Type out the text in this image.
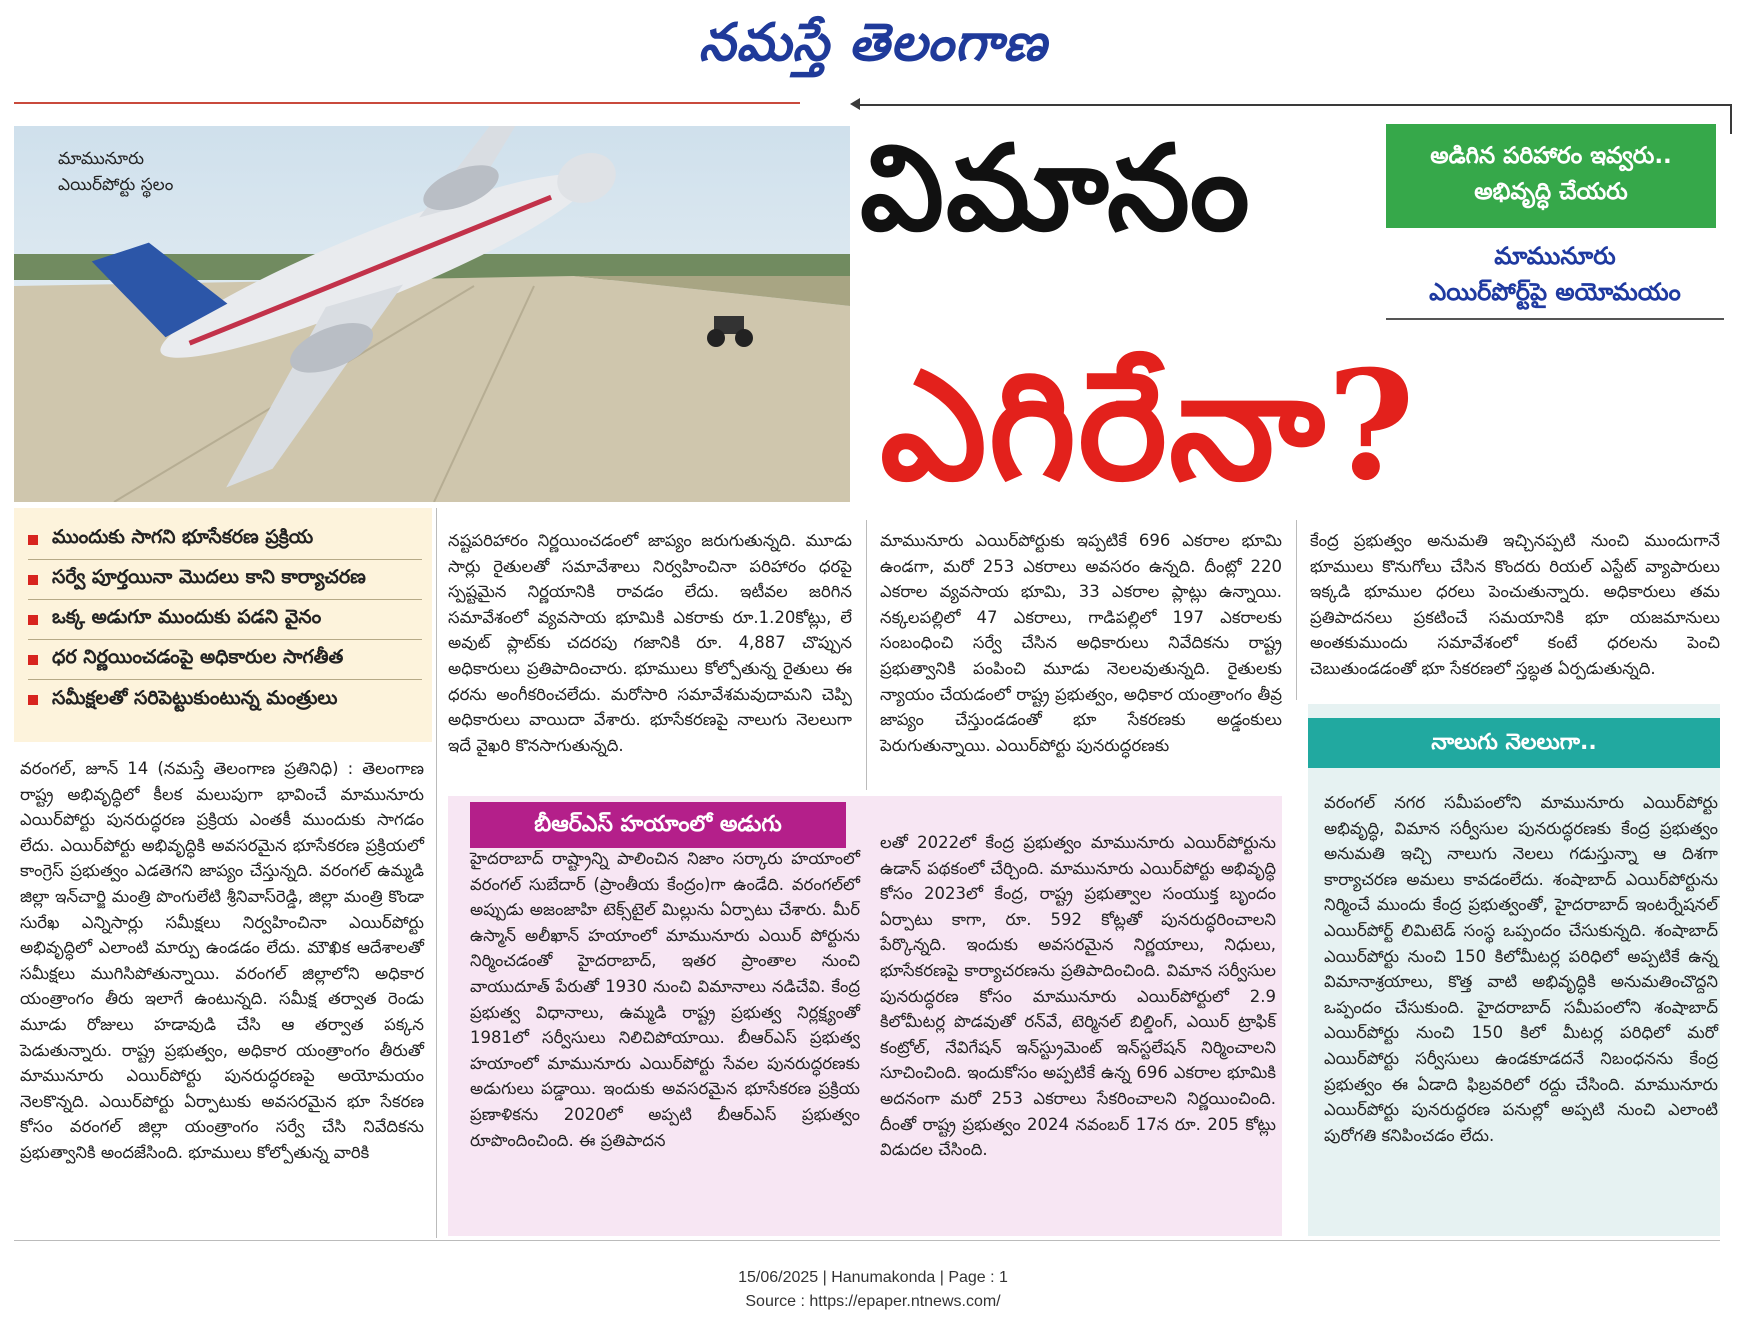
నమస్తే తెలంగాణ
మామునూరు
ఎయిర్‌పోర్టు స్థలం	విమానం
ఎగిరేనా?
అడిగిన పరిహారం ఇవ్వరు..
అభివృద్ధి చేయరు
మామునూరు
ఎయిర్‌పోర్ట్‌పై అయోమయం
ముందుకు సాగని భూసేకరణ ప్రక్రియ
సర్వే పూర్తయినా మొదలు కాని కార్యాచరణ
ఒక్క అడుగూ ముందుకు పడని వైనం
ధర నిర్ణయించడంపై అధికారుల సాగతీత
సమీక్షలతో సరిపెట్టుకుంటున్న మంత్రులు

వరంగల్, జూన్ 14 (నమస్తే తెలంగాణ ప్రతినిధి) : తెలంగాణ రాష్ట్ర అభివృద్ధిలో కీలక మలుపుగా భావించే మామునూరు ఎయిర్‌పోర్టు పునరుద్ధరణ ప్రక్రియ ఎంతకీ ముందుకు సాగడం లేదు. ఎయిర్‌పోర్టు అభివృద్ధికి అవసరమైన భూసేకరణ ప్రక్రియలో కాంగ్రెస్ ప్రభుత్వం ఎడతెగని జాప్యం చేస్తున్నది. వరంగల్ ఉమ్మడి జిల్లా ఇన్‌చార్జి మంత్రి పొంగులేటి శ్రీనివాస్‌రెడ్డి, జిల్లా మంత్రి కొండా సురేఖ ఎన్నిసార్లు సమీక్షలు నిర్వహించినా ఎయిర్‌పోర్టు అభివృద్ధిలో ఎలాంటి మార్పు ఉండడం లేదు. మౌఖిక ఆదేశాలతో సమీక్షలు ముగిసిపోతున్నాయి. వరంగల్ జిల్లాలోని అధికార యంత్రాంగం తీరు ఇలాగే ఉంటున్నది. సమీక్ష తర్వాత రెండు మూడు రోజులు హడావుడి చేసి ఆ తర్వాత పక్కన పెడుతున్నారు. రాష్ట్ర ప్రభుత్వం, అధికార యంత్రాంగం తీరుతో మామునూరు ఎయిర్‌పోర్టు పునరుద్ధరణపై అయోమయం నెలకొన్నది. ఎయిర్‌పోర్టు ఏర్పాటుకు అవసరమైన భూ సేకరణ కోసం వరంగల్ జిల్లా యంత్రాంగం సర్వే చేసి నివేదికను ప్రభుత్వానికి అందజేసింది. భూములు కోల్పోతున్న వారికి

నష్టపరిహారం నిర్ణయించడంలో జాప్యం జరుగుతున్నది. మూడు సార్లు రైతులతో సమావేశాలు నిర్వహించినా పరిహారం ధరపై స్పష్టమైన నిర్ణయానికి రావడం లేదు. ఇటీవల జరిగిన సమావేశంలో వ్యవసాయ భూమికి ఎకరాకు రూ.1.20కోట్లు, లే అవుట్ ప్లాట్‌కు చదరపు గజానికి రూ. 4,887 చొప్పున అధికారులు ప్రతిపాదించారు. భూములు కోల్పోతున్న రైతులు ఈ ధరను అంగీకరించలేదు. మరోసారి సమావేశమవుదామని చెప్పి అధికారులు వాయిదా వేశారు. భూసేకరణపై నాలుగు నెలలుగా ఇదే వైఖరి కొనసాగుతున్నది.

మామునూరు ఎయిర్‌పోర్టుకు ఇప్పటికే 696 ఎకరాల భూమి ఉండగా, మరో 253 ఎకరాలు అవసరం ఉన్నది. దీంట్లో 220 ఎకరాల వ్యవసాయ భూమి, 33 ఎకరాల ప్లాట్లు ఉన్నాయి. నక్కలపల్లిలో 47 ఎకరాలు, గాడిపల్లిలో 197 ఎకరాలకు సంబంధించి సర్వే చేసిన అధికారులు నివేదికను రాష్ట్ర ప్రభుత్వానికి పంపించి మూడు నెలలవుతున్నది. రైతులకు న్యాయం చేయడంలో రాష్ట్ర ప్రభుత్వం, అధికార యంత్రాంగం తీవ్ర జాప్యం చేస్తుండడంతో భూ సేకరణకు అడ్డంకులు పెరుగుతున్నాయి. ఎయిర్‌పోర్టు పునరుద్ధరణకు

కేంద్ర ప్రభుత్వం అనుమతి ఇచ్చినప్పటి నుంచి ముందుగానే భూములు కొనుగోలు చేసిన కొందరు రియల్ ఎస్టేట్ వ్యాపారులు ఇక్కడి భూముల ధరలు పెంచుతున్నారు. అధికారులు తమ ప్రతిపాదనలు ప్రకటించే సమయానికి భూ యజమానులు అంతకుముందు సమావేశంలో కంటే ధరలను పెంచి చెబుతుండడంతో భూ సేకరణలో స్తబ్ధత ఏర్పడుతున్నది.

బీఆర్‌ఎస్ హయాంలో అడుగు

హైదరాబాద్ రాష్ట్రాన్ని పాలించిన నిజాం సర్కారు హయాంలో వరంగల్ సుబేదార్ (ప్రాంతీయ కేంద్రం)గా ఉండేది. వరంగల్‌లో అప్పుడు అజంజాహి టెక్స్‌టైల్ మిల్లును ఏర్పాటు చేశారు. మీర్ ఉస్మాన్ అలీఖాన్ హయాంలో మామునూరు ఎయిర్ పోర్టును నిర్మించడంతో హైదరాబాద్, ఇతర ప్రాంతాల నుంచి వాయుదూత్ పేరుతో 1930 నుంచి విమానాలు నడిచేవి. కేంద్ర ప్రభుత్వ విధానాలు, ఉమ్మడి రాష్ట్ర ప్రభుత్వ నిర్లక్ష్యంతో 1981లో సర్వీసులు నిలిచిపోయాయి. బీఆర్‌ఎస్ ప్రభుత్వ హయాంలో మామునూరు ఎయిర్‌పోర్టు సేవల పునరుద్ధరణకు అడుగులు పడ్డాయి. ఇందుకు అవసరమైన భూసేకరణ ప్రక్రియ ప్రణాళికను 2020లో అప్పటి బీఆర్‌ఎస్ ప్రభుత్వం రూపొందించింది. ఈ ప్రతిపాదన

లతో 2022లో కేంద్ర ప్రభుత్వం మామునూరు ఎయిర్‌పోర్టును ఉడాన్ పథకంలో చేర్చింది. మామునూరు ఎయిర్‌పోర్టు అభివృద్ధి కోసం 2023లో కేంద్ర, రాష్ట్ర ప్రభుత్వాల సంయుక్త బృందం ఏర్పాటు కాగా, రూ. 592 కోట్లతో పునరుద్ధరించాలని పేర్కొన్నది. ఇందుకు అవసరమైన నిర్ణయాలు, నిధులు, భూసేకరణపై కార్యాచరణను ప్రతిపాదించింది. విమాన సర్వీసుల పునరుద్ధరణ కోసం మామునూరు ఎయిర్‌పోర్టులో 2.9 కిలోమీటర్ల పొడవుతో రన్‌వే, టెర్మినల్ బిల్డింగ్, ఎయిర్ ట్రాఫిక్ కంట్రోల్, నేవిగేషన్ ఇన్‌స్ట్రుమెంట్ ఇన్‌స్టలేషన్ నిర్మించాలని సూచించింది. ఇందుకోసం అప్పటికే ఉన్న 696 ఎకరాల భూమికి అదనంగా మరో 253 ఎకరాలు సేకరించాలని నిర్ణయించింది. దీంతో రాష్ట్ర ప్రభుత్వం 2024 నవంబర్ 17న రూ. 205 కోట్లు విడుదల చేసింది.

నాలుగు నెలలుగా..

వరంగల్ నగర సమీపంలోని మామునూరు ఎయిర్‌పోర్టు అభివృద్ధి, విమాన సర్వీసుల పునరుద్ధరణకు కేంద్ర ప్రభుత్వం అనుమతి ఇచ్చి నాలుగు నెలలు గడుస్తున్నా ఆ దిశగా కార్యాచరణ అమలు కావడంలేదు. శంషాబాద్ ఎయిర్‌పోర్టును నిర్మించే ముందు కేంద్ర ప్రభుత్వంతో, హైదరాబాద్ ఇంటర్నేషనల్ ఎయిర్‌పోర్ట్ లిమిటెడ్ సంస్థ ఒప్పందం చేసుకున్నది. శంషాబాద్ ఎయిర్‌పోర్టు నుంచి 150 కిలోమీటర్ల పరిధిలో అప్పటికే ఉన్న విమానాశ్రయాలు, కొత్త వాటి అభివృద్ధికి అనుమతించొద్దని ఒప్పందం చేసుకుంది. హైదరాబాద్ సమీపంలోని శంషాబాద్ ఎయిర్‌పోర్టు నుంచి 150 కిలో మీటర్ల పరిధిలో మరో ఎయిర్‌పోర్టు సర్వీసులు ఉండకూడదనే నిబంధనను కేంద్ర ప్రభుత్వం ఈ ఏడాది ఫిబ్రవరిలో రద్దు చేసింది. మామునూరు ఎయిర్‌పోర్టు పునరుద్ధరణ పనుల్లో అప్పటి నుంచి ఎలాంటి పురోగతి కనిపించడం లేదు.

15/06/2025 | Hanumakonda | Page : 1
Source : https://epaper.ntnews.com/
